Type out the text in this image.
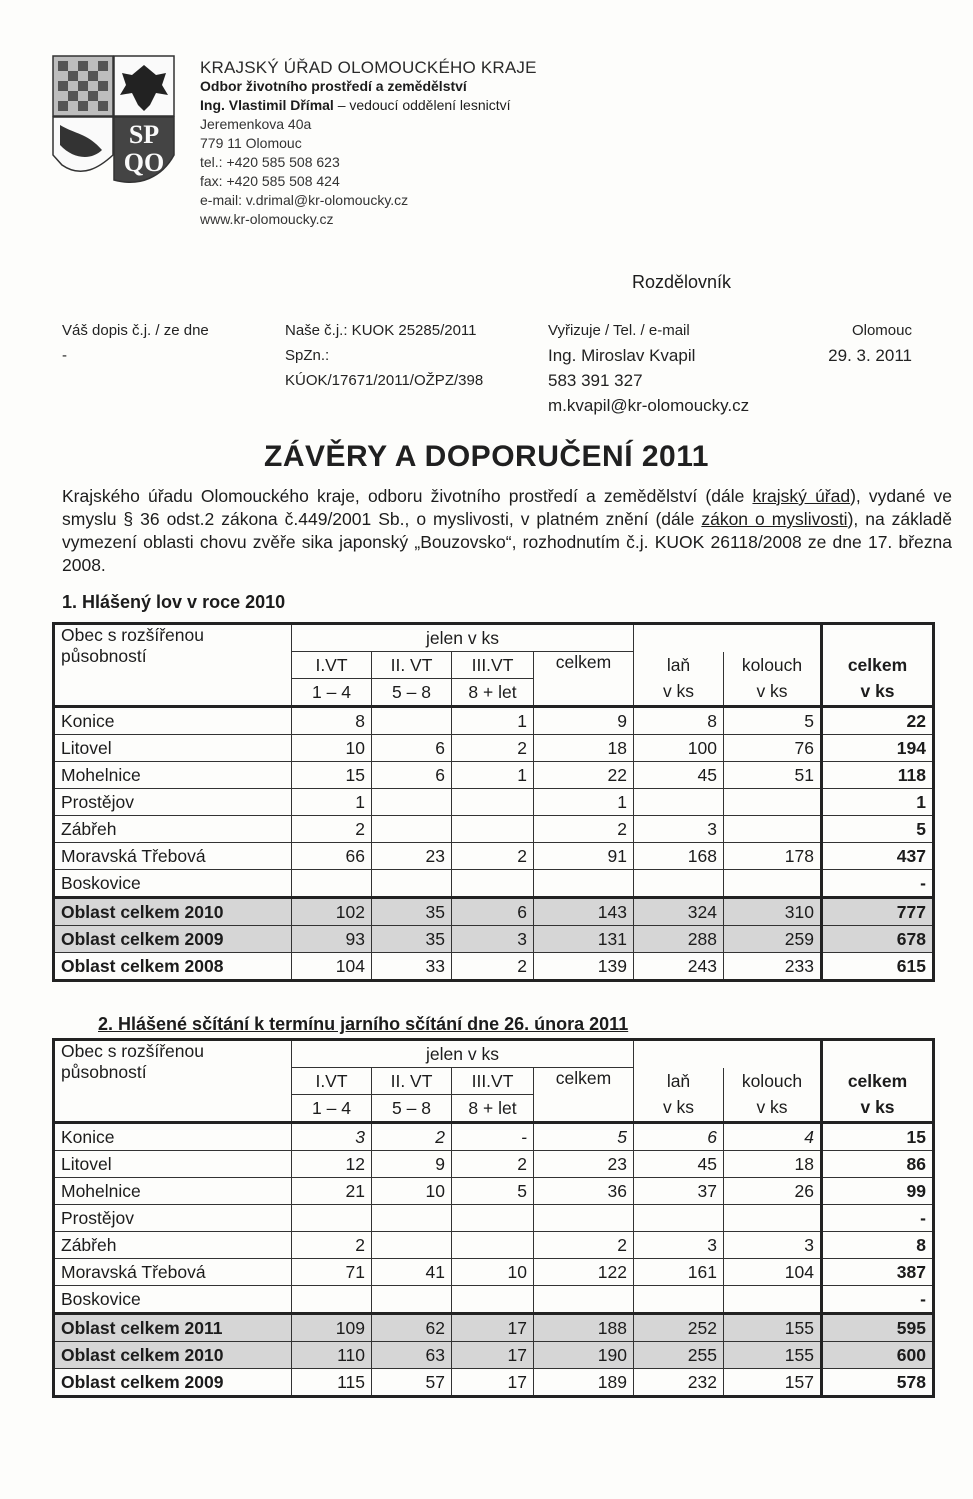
SP
QO
KRAJSKÝ ÚŘAD OLOMOUCKÉHO KRAJE
Odbor životního prostředí a zemědělství
Ing. Vlastimil Dřímal – vedoucí oddělení lesnictví
Jeremenkova 40a
779 11 Olomouc
tel.: +420 585 508 623
fax: +420 585 508 424
e-mail: v.drimal@kr-olomoucky.cz
www.kr-olomoucky.cz
Rozdělovník
Váš dopis č.j. / ze dne
-
Naše č.j.: KUOK 25285/2011
SpZn.:
KÚOK/17671/2011/OŽPZ/398
Vyřizuje / Tel. / e-mail
Ing. Miroslav Kvapil
583 391 327
m.kvapil@kr-olomoucky.cz
Olomouc
29. 3. 2011
ZÁVĚRY A DOPORUČENÍ 2011
Krajského úřadu Olomouckého kraje, odboru životního prostředí a zemědělství (dále krajský úřad), vydané ve smyslu § 36 odst.2 zákona č.449/2001 Sb., o myslivosti, v platném znění (dále zákon o myslivosti), na základě vymezení oblasti chovu zvěře sika japonský „Bouzovsko“, rozhodnutím č.j. KUOK 26118/2008 ze dne 17. března 2008.
1. Hlášený lov v roce 2010
Obec s rozšířenou
působností	jelen v ks						
	I.VT	II. VT	III.VT	celkem	laň	kolouch	celkem
	1 – 4	5 – 8	8 + let		v ks	v ks	v ks
Konice	8		1	9	8	5	22
Litovel	10	6	2	18	100	76	194
Mohelnice	15	6	1	22	45	51	118
Prostějov	1			1			1
Zábřeh	2			2	3		5
Moravská Třebová	66	23	2	91	168	178	437
Boskovice							-
Oblast celkem 2010	102	35	6	143	324	310	777
Oblast celkem 2009	93	35	3	131	288	259	678
Oblast celkem 2008	104	33	2	139	243	233	615
2. Hlášené sčítání k termínu jarního sčítání dne 26. února 2011
Obec s rozšířenou
působností	jelen v ks						
	I.VT	II. VT	III.VT	celkem	laň	kolouch	celkem
	1 – 4	5 – 8	8 + let		v ks	v ks	v ks
Konice	3	2	-	5	6	4	15
Litovel	12	9	2	23	45	18	86
Mohelnice	21	10	5	36	37	26	99
Prostějov							-
Zábřeh	2			2	3	3	8
Moravská Třebová	71	41	10	122	161	104	387
Boskovice							-
Oblast celkem 2011	109	62	17	188	252	155	595
Oblast celkem 2010	110	63	17	190	255	155	600
Oblast celkem 2009	115	57	17	189	232	157	578
